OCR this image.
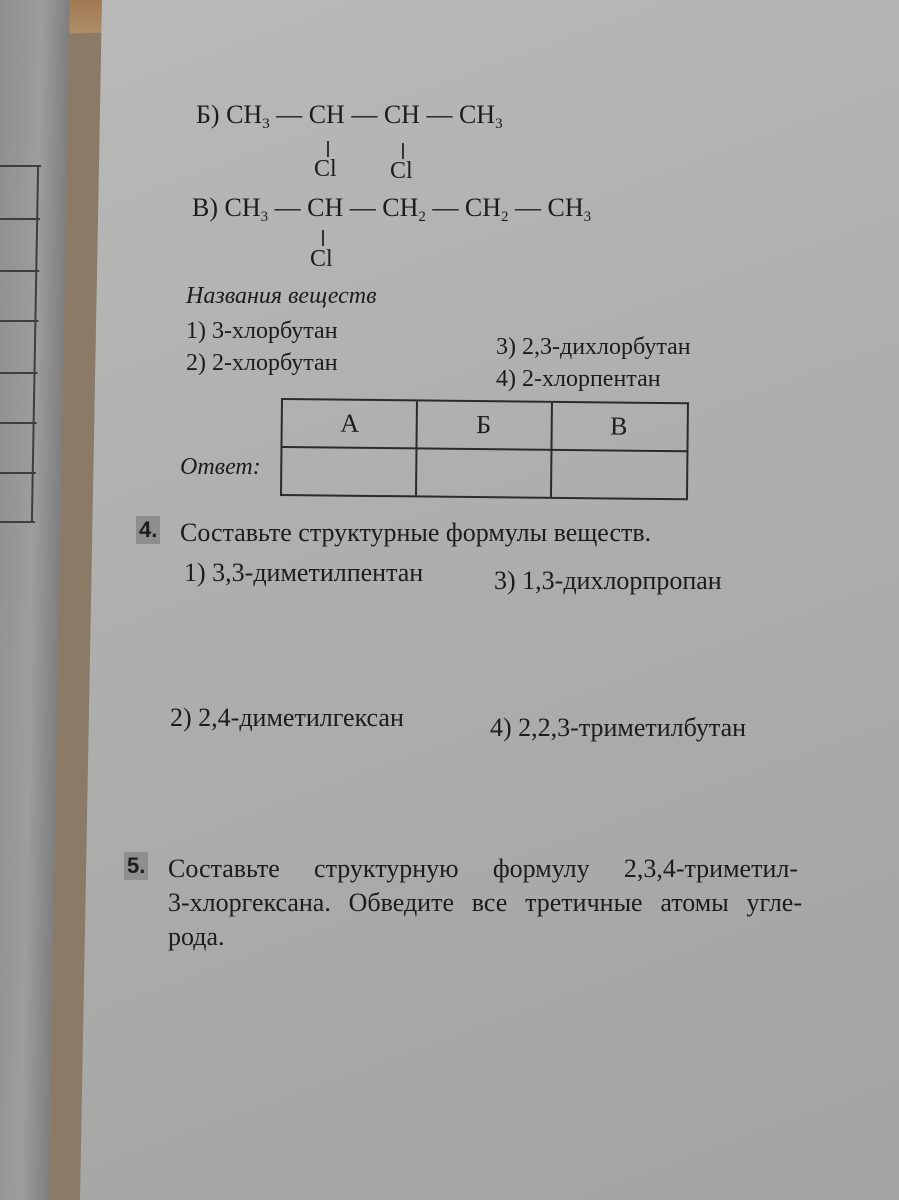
Б) $CH_3$ — CH — CH — $CH_3$
Cl Cl
В) $CH_3$ — CH — $CH_2$ — $CH_2$ — $CH_3$
Cl
Названия веществ
1) 3-хлорбутан
2) 2-хлорбутан
3) 2,3-дихлорбутан
4) 2-хлорпентан
Ответ:
А	Б	В
4. Составьте структурные формулы веществ.
1) 3,3-диметилпентан	3) 1,3-дихлорпропан
2) 2,4-диметилгексан	4) 2,2,3-триметилбутан
5. Составьте структурную формулу 2,3,4-триметил-
3-хлоргексана. Обведите все третичные атомы угле-
рода.
